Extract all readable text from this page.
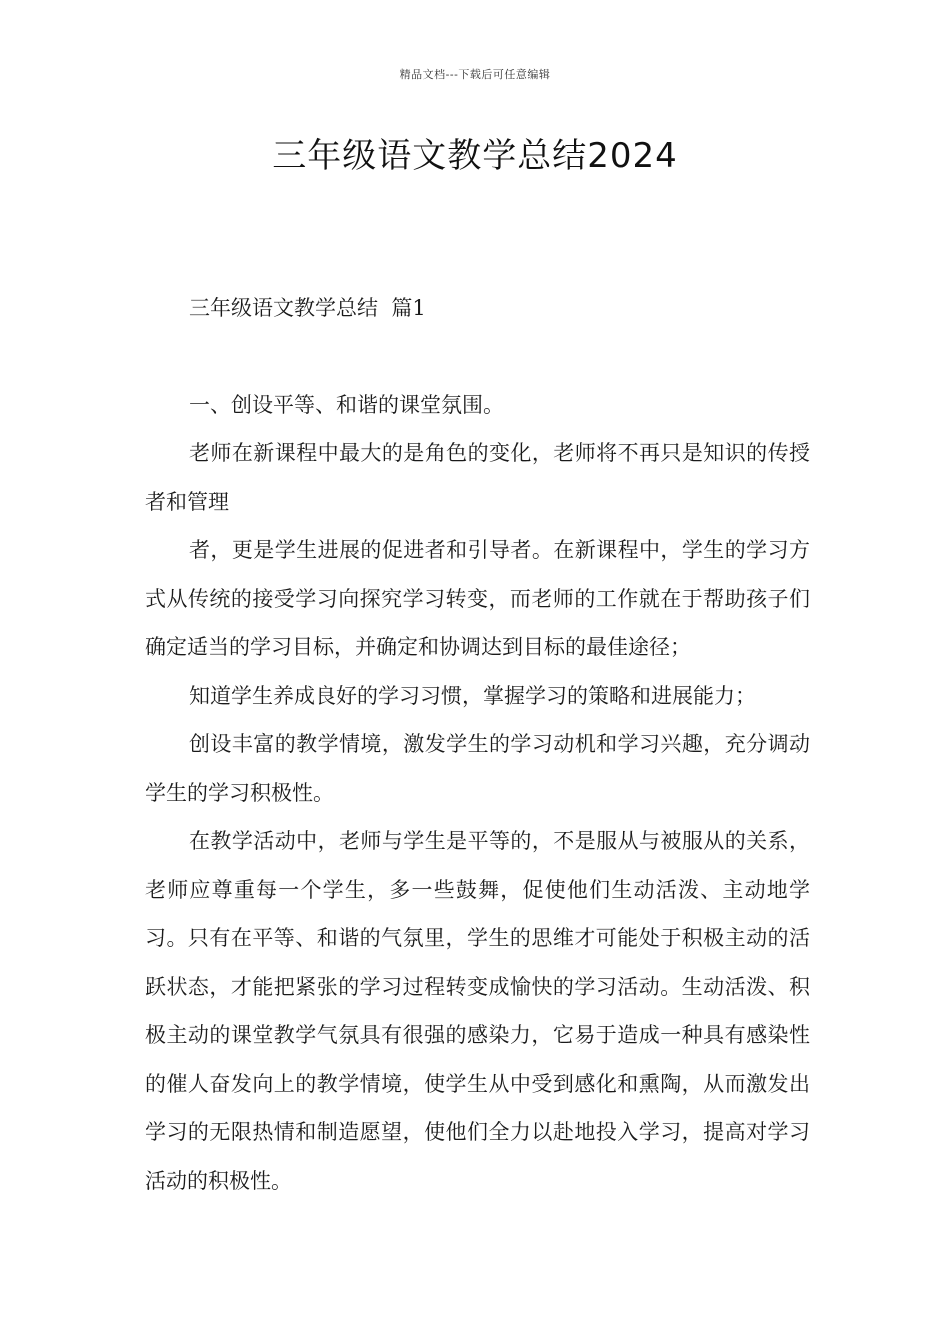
精品文档---下载后可任意编辑
三年级语文教学总结2024

三年级语文教学总结  篇1

一、创设平等、和谐的课堂氛围。

老师在新课程中最大的是角色的变化，老师将不再只是知识的传授者和管理

者，更是学生进展的促进者和引导者。在新课程中，学生的学习方式从传统的接受学习向探究学习转变，而老师的工作就在于帮助孩子们确定适当的学习目标，并确定和协调达到目标的最佳途径；

知道学生养成良好的学习习惯，掌握学习的策略和进展能力；

创设丰富的教学情境，激发学生的学习动机和学习兴趣，充分调动学生的学习积极性。

在教学活动中，老师与学生是平等的，不是服从与被服从的关系，老师应尊重每一个学生，多一些鼓舞，促使他们生动活泼、主动地学习。只有在平等、和谐的气氛里，学生的思维才可能处于积极主动的活跃状态，才能把紧张的学习过程转变成愉快的学习活动。生动活泼、积极主动的课堂教学气氛具有很强的感染力，它易于造成一种具有感染性的催人奋发向上的教学情境，使学生从中受到感化和熏陶，从而激发出学习的无限热情和制造愿望，使他们全力以赴地投入学习，提高对学习活动的积极性。
